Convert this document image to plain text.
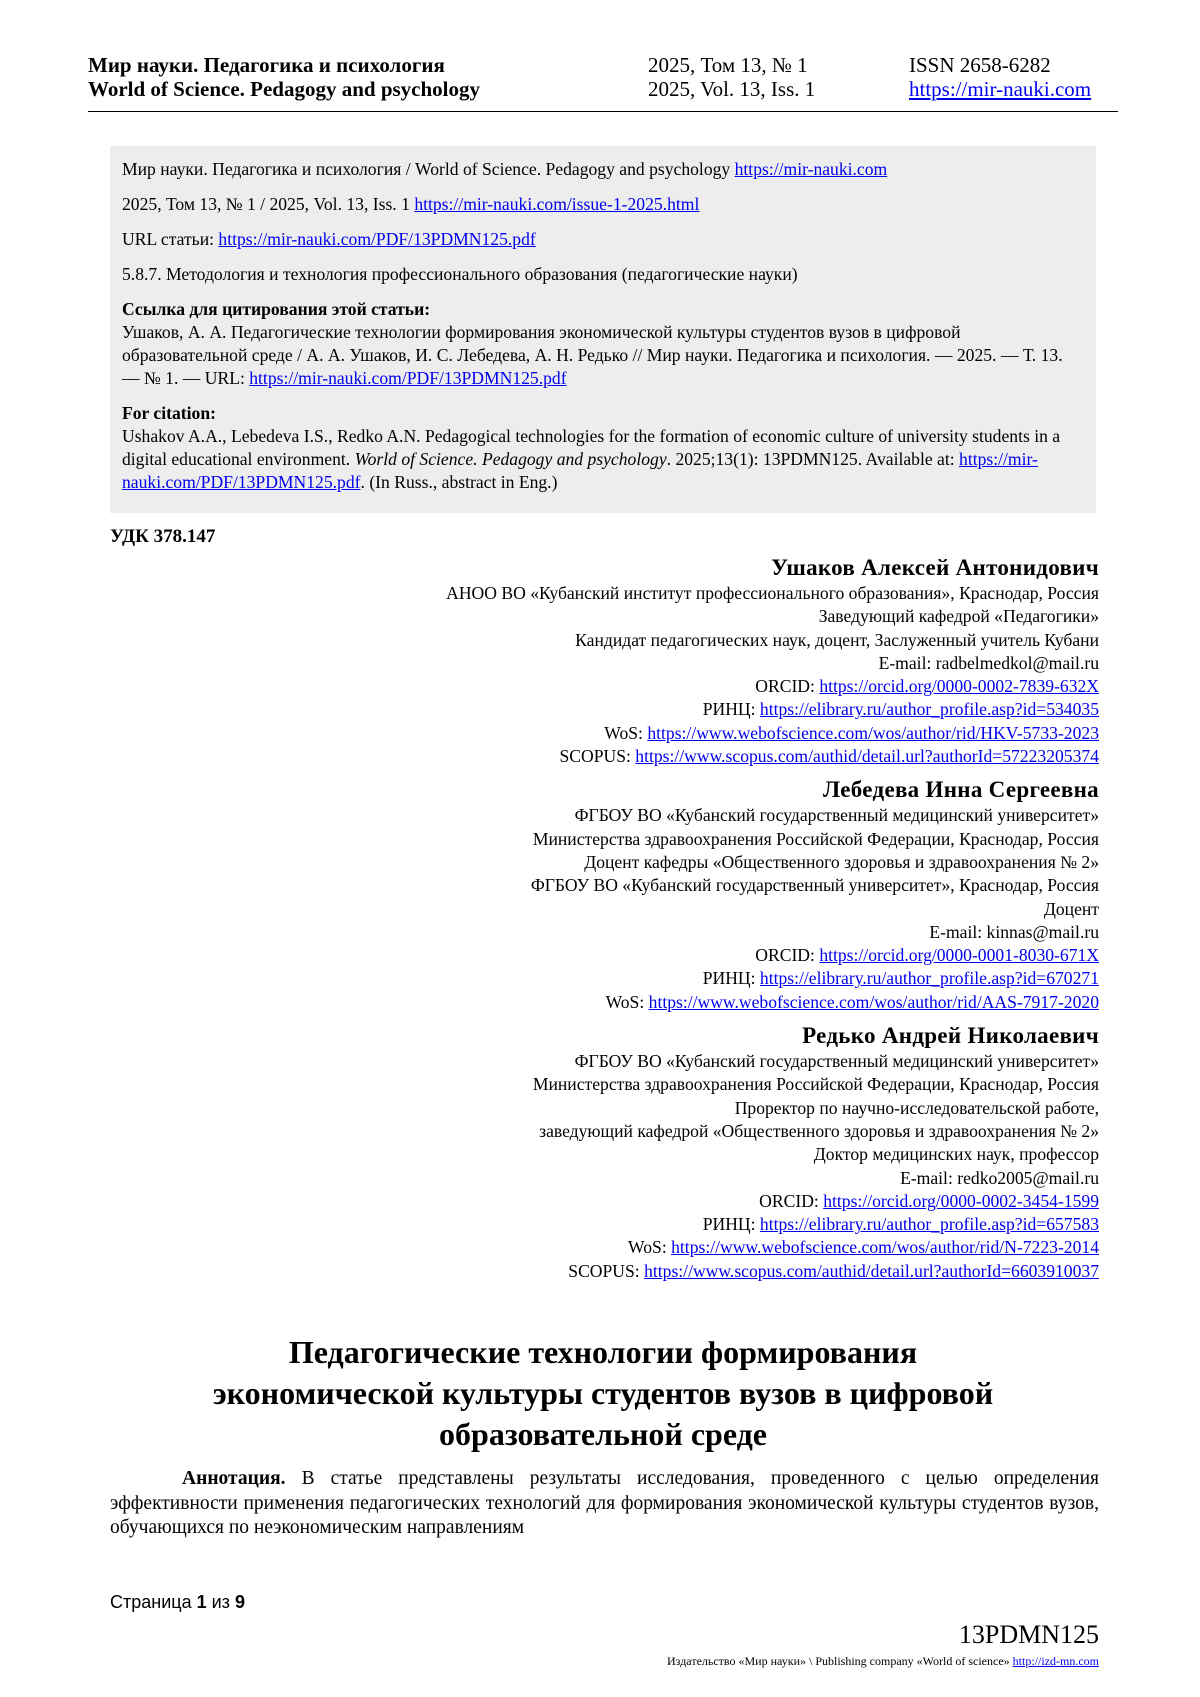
Мир науки. Педагогика и психология
World of Science. Pedagogy and psychology
2025, Том 13, № 1
2025, Vol. 13, Iss. 1
ISSN 2658-6282
https://mir-nauki.com

Мир науки. Педагогика и психология / World of Science. Pedagogy and psychology https://mir-nauki.com

2025, Том 13, № 1 / 2025, Vol. 13, Iss. 1 https://mir-nauki.com/issue-1-2025.html

URL статьи: https://mir-nauki.com/PDF/13PDMN125.pdf

5.8.7. Методология и технология профессионального образования (педагогические науки)

Ссылка для цитирования этой статьи:

Ушаков, А. А. Педагогические технологии формирования экономической культуры студентов вузов в цифровой образовательной среде / А. А. Ушаков, И. С. Лебедева, А. Н. Редько // Мир науки. Педагогика и психология. — 2025. — Т. 13. — № 1. — URL: https://mir-nauki.com/PDF/13PDMN125.pdf

For citation:

Ushakov A.A., Lebedeva I.S., Redko A.N. Pedagogical technologies for the formation of economic culture of university students in a digital educational environment. World of Science. Pedagogy and psychology. 2025;13(1): 13PDMN125. Available at: https://mir-nauki.com/PDF/13PDMN125.pdf. (In Russ., abstract in Eng.)

УДК 378.147
Ушаков Алексей Антонидович
АНОО ВО «Кубанский институт профессионального образования», Краснодар, Россия
Заведующий кафедрой «Педагогики»
Кандидат педагогических наук, доцент, Заслуженный учитель Кубани
E-mail: radbelmedkol@mail.ru
ORCID: https://orcid.org/0000-0002-7839-632X
РИНЦ: https://elibrary.ru/author_profile.asp?id=534035
WoS: https://www.webofscience.com/wos/author/rid/HKV-5733-2023
SCOPUS: https://www.scopus.com/authid/detail.url?authorId=57223205374
Лебедева Инна Сергеевна
ФГБОУ ВО «Кубанский государственный медицинский университет»
Министерства здравоохранения Российской Федерации, Краснодар, Россия
Доцент кафедры «Общественного здоровья и здравоохранения № 2»
ФГБОУ ВО «Кубанский государственный университет», Краснодар, Россия
Доцент
E-mail: kinnas@mail.ru
ORCID: https://orcid.org/0000-0001-8030-671X
РИНЦ: https://elibrary.ru/author_profile.asp?id=670271
WoS: https://www.webofscience.com/wos/author/rid/AAS-7917-2020
Редько Андрей Николаевич
ФГБОУ ВО «Кубанский государственный медицинский университет»
Министерства здравоохранения Российской Федерации, Краснодар, Россия
Проректор по научно-исследовательской работе,
заведующий кафедрой «Общественного здоровья и здравоохранения № 2»
Доктор медицинских наук, профессор
E-mail: redko2005@mail.ru
ORCID: https://orcid.org/0000-0002-3454-1599
РИНЦ: https://elibrary.ru/author_profile.asp?id=657583
WoS: https://www.webofscience.com/wos/author/rid/N-7223-2014
SCOPUS: https://www.scopus.com/authid/detail.url?authorId=6603910037
Педагогические технологии формирования
экономической культуры студентов вузов в цифровой
образовательной среде
Аннотация. В статье представлены результаты исследования, проведенного с целью определения эффективности применения педагогических технологий для формирования экономической культуры студентов вузов, обучающихся по неэкономическим направлениям
Страница 1 из 9
13PDMN125
Издательство «Мир науки» \ Publishing company «World of science» http://izd-mn.com
